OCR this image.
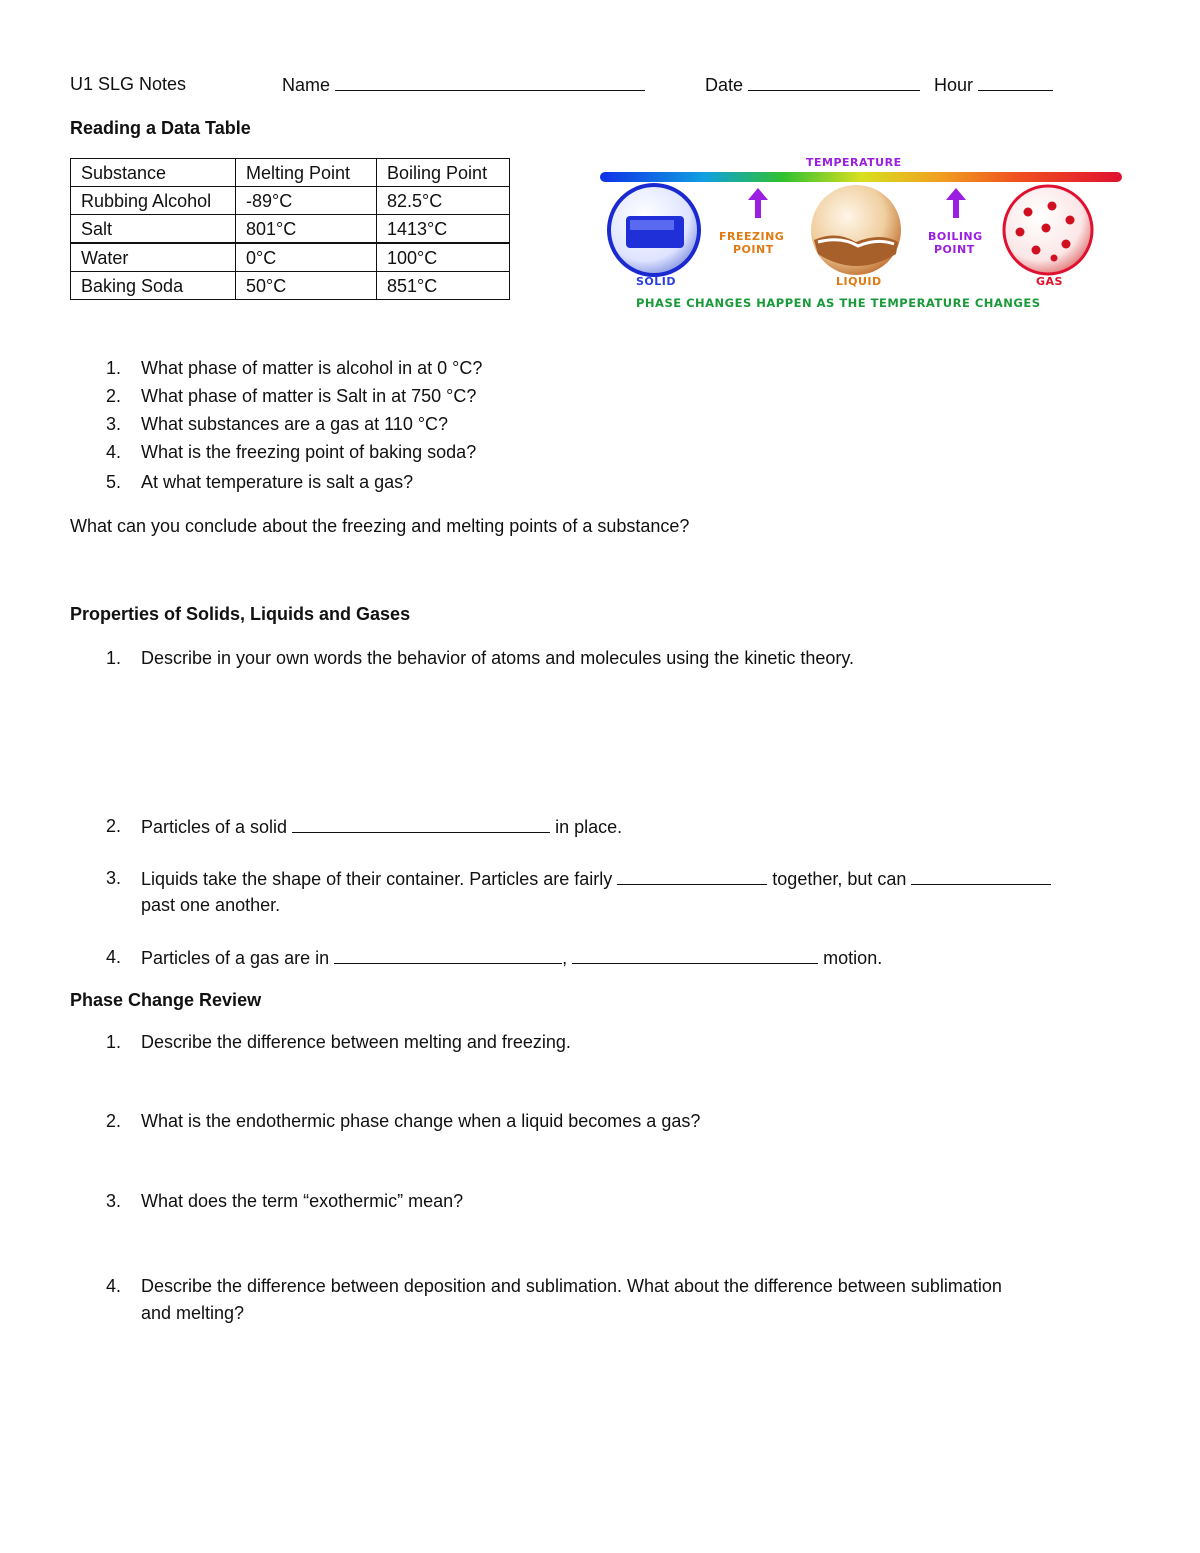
U1 SLG Notes	Name	Date	Hour
Reading a Data Table
Substance	Melting Point	Boiling Point
Rubbing Alcohol	-89°C	82.5°C
Salt	801°C	1413°C
Water	0°C	100°C
Baking Soda	50°C	851°C
TEMPERATURE
FREEZING
POINT
BOILING
POINT
SOLID	LIQUID	GAS
PHASE CHANGES HAPPEN AS THE TEMPERATURE CHANGES
1. What phase of matter is alcohol in at 0 °C?
2. What phase of matter is Salt in at 750 °C?
3. What substances are a gas at 110 °C?
4. What is the freezing point of baking soda?
5. At what temperature is salt a gas?
What can you conclude about the freezing and melting points of a substance?
Properties of Solids, Liquids and Gases
1. Describe in your own words the behavior of atoms and molecules using the kinetic theory.
2. Particles of a solid	in place.
3. Liquids take the shape of their container. Particles are fairly	together, but can
past one another.
4. Particles of a gas are in	,	motion.
Phase Change Review
1. Describe the difference between melting and freezing.
2. What is the endothermic phase change when a liquid becomes a gas?
3. What does the term “exothermic” mean?
4. Describe the difference between deposition and sublimation. What about the difference between sublimation
and melting?
